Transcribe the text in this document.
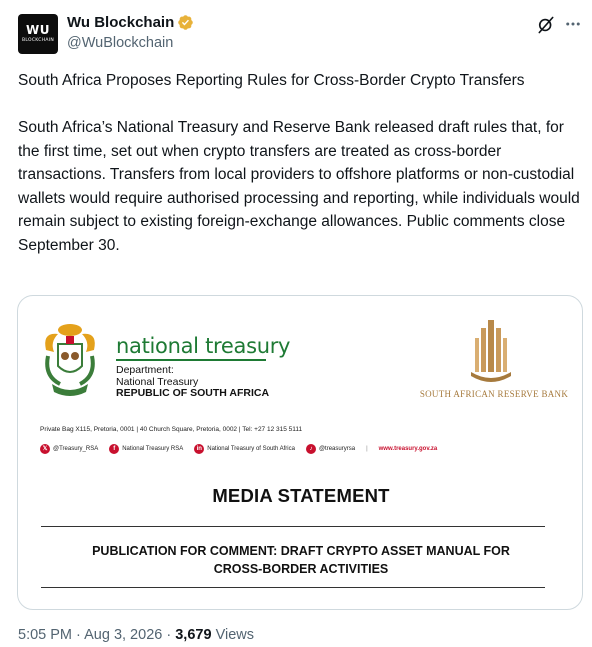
WU
BLOCKCHAIN
Wu Blockchain
@WuBlockchain

South Africa Proposes Reporting Rules for Cross-Border Crypto Transfers

South Africa’s National Treasury and Reserve Bank released draft rules that, for the first time, set out when crypto transfers are treated as cross-border transactions. Transfers from local providers to offshore platforms or non-custodial wallets would require authorised processing and reporting, while individuals would remain subject to existing foreign-exchange allowances. Public comments close September 30.

national treasury
Department:
National Treasury
REPUBLIC OF SOUTH AFRICA	SOUTH AFRICAN RESERVE BANK
Private Bag X115, Pretoria, 0001 | 40 Church Square, Pretoria, 0002 | Tel: +27 12 315 5111
𝕏 @Treasury_RSA	f	National Treasury RSA	in National Treasury of South Africa	♪	@treasuryrsa | www.treasury.gov.za
MEDIA STATEMENT
PUBLICATION FOR COMMENT: DRAFT CRYPTO ASSET MANUAL FOR
CROSS-BORDER ACTIVITIES
5:05 PM · Aug 3, 2026 · 3,679 Views
